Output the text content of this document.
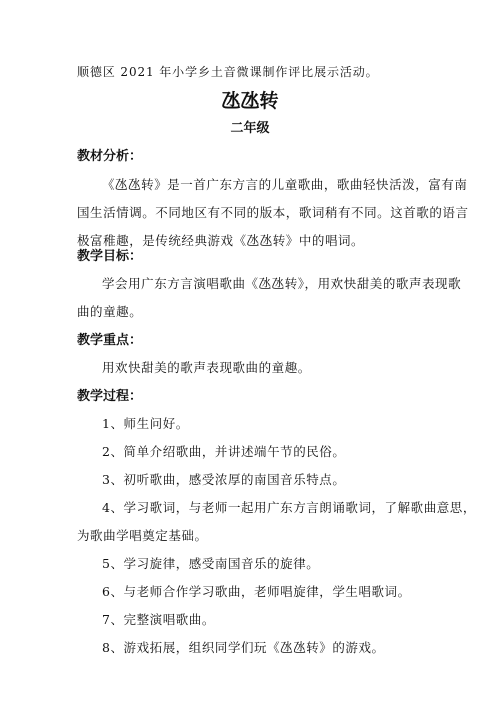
顺德区 2021 年小学乡土音微课制作评比展示活动。
氹氹转
二年级
教材分析：
《氹氹转》是一首广东方言的儿童歌曲，歌曲轻快活泼，富有南
国生活情调。不同地区有不同的版本，歌词稍有不同。这首歌的语言
极富稚趣，是传统经典游戏《氹氹转》中的唱词。
教学目标：
学会用广东方言演唱歌曲《氹氹转》，用欢快甜美的歌声表现歌
曲的童趣。
教学重点：
用欢快甜美的歌声表现歌曲的童趣。
教学过程：
1、师生问好。
2、简单介绍歌曲，并讲述端午节的民俗。
3、初听歌曲，感受浓厚的南国音乐特点。
4、学习歌词，与老师一起用广东方言朗诵歌词，了解歌曲意思，
为歌曲学唱奠定基础。
5、学习旋律，感受南国音乐的旋律。
6、与老师合作学习歌曲，老师唱旋律，学生唱歌词。
7、完整演唱歌曲。
8、游戏拓展，组织同学们玩《氹氹转》的游戏。
